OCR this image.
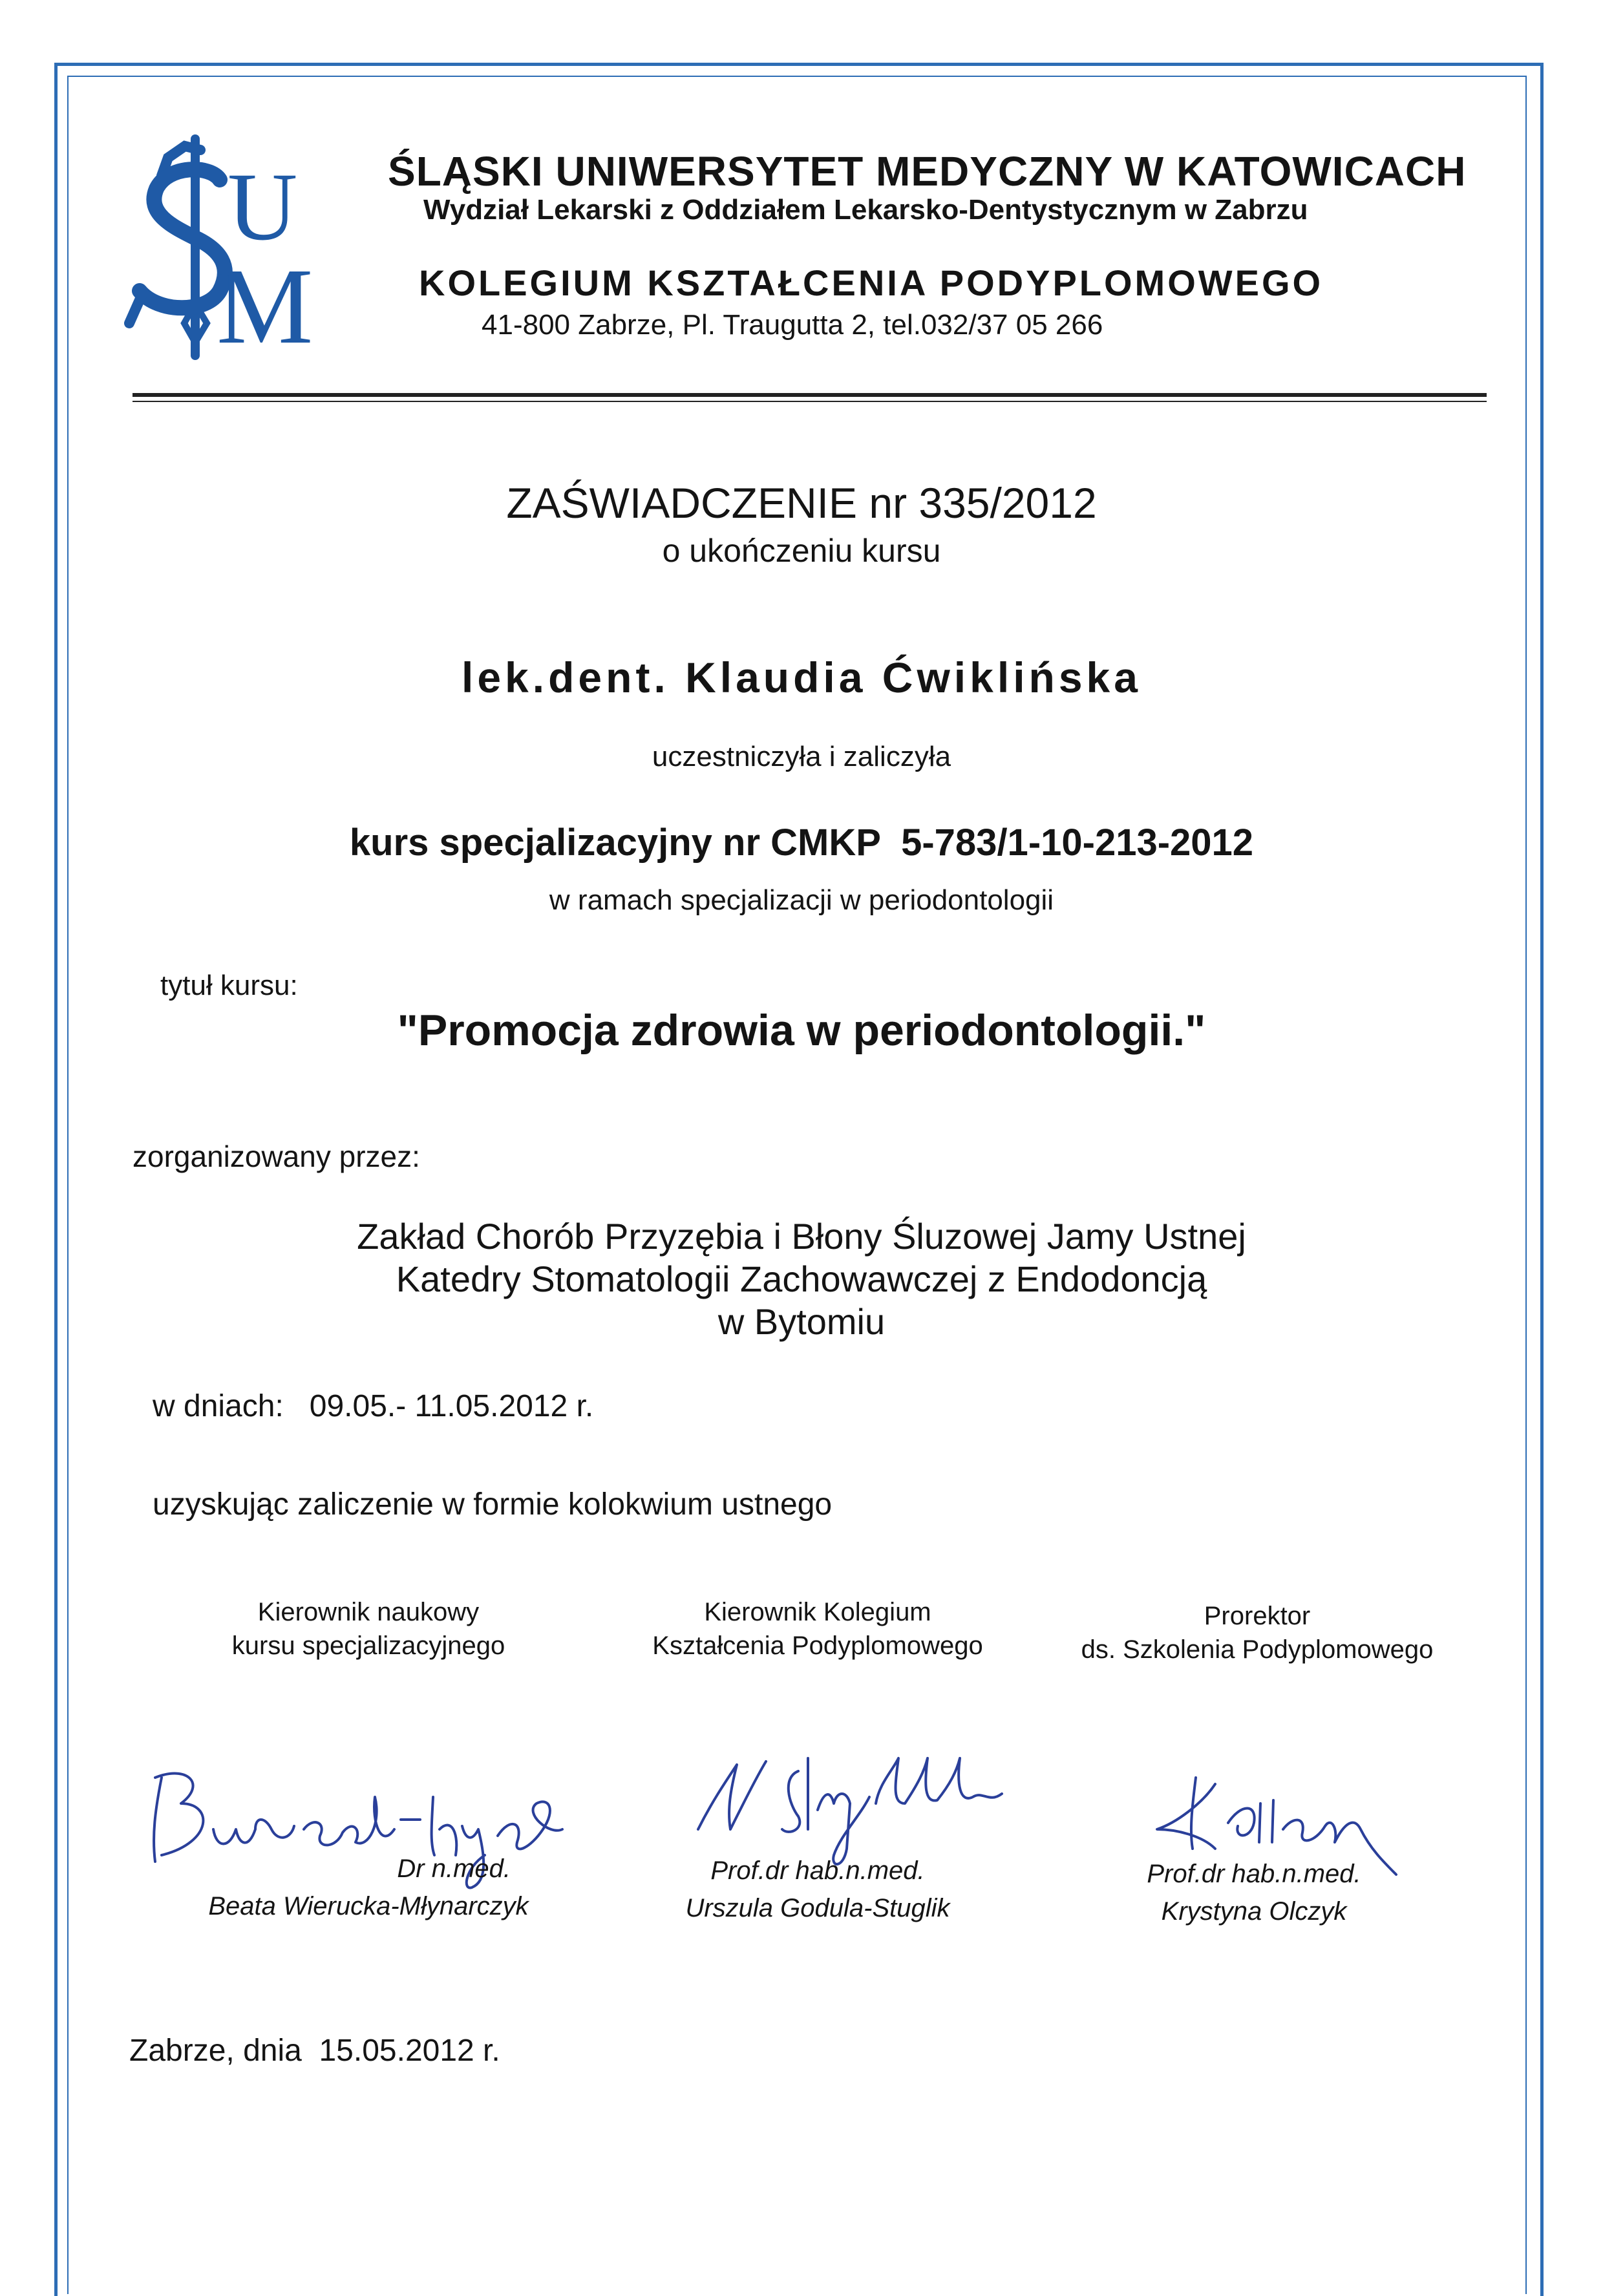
U
M
ŚLĄSKI UNIWERSYTET MEDYCZNY W KATOWICACH
Wydział Lekarski z Oddziałem Lekarsko-Dentystycznym w Zabrzu
KOLEGIUM KSZTAŁCENIA PODYPLOMOWEGO
41-800 Zabrze, Pl. Traugutta 2, tel.032/37 05 266
ZAŚWIADCZENIE nr 335/2012
o ukończeniu kursu
lek.dent. Klaudia Ćwiklińska
uczestniczyła i zaliczyła
kurs specjalizacyjny nr CMKP  5-783/1-10-213-2012
w ramach specjalizacji w periodontologii
tytuł kursu:
"Promocja zdrowia w periodontologii."
zorganizowany przez:
Zakład Chorób Przyzębia i Błony Śluzowej Jamy Ustnej
Katedry Stomatologii Zachowawczej z Endodoncją
w Bytomiu
w dniach: 09.05.- 11.05.2012 r.
uzyskując zaliczenie w formie kolokwium ustnego
Kierownik naukowy
kursu specjalizacyjnego
Kierownik Kolegium
Kształcenia Podyplomowego
Prorektor
ds. Szkolenia Podyplomowego
Dr n.med.
Beata Wierucka-Młynarczyk
Prof.dr hab.n.med.
Urszula Godula-Stuglik
Prof.dr hab.n.med.
Krystyna Olczyk
Zabrze, dnia  15.05.2012 r.
